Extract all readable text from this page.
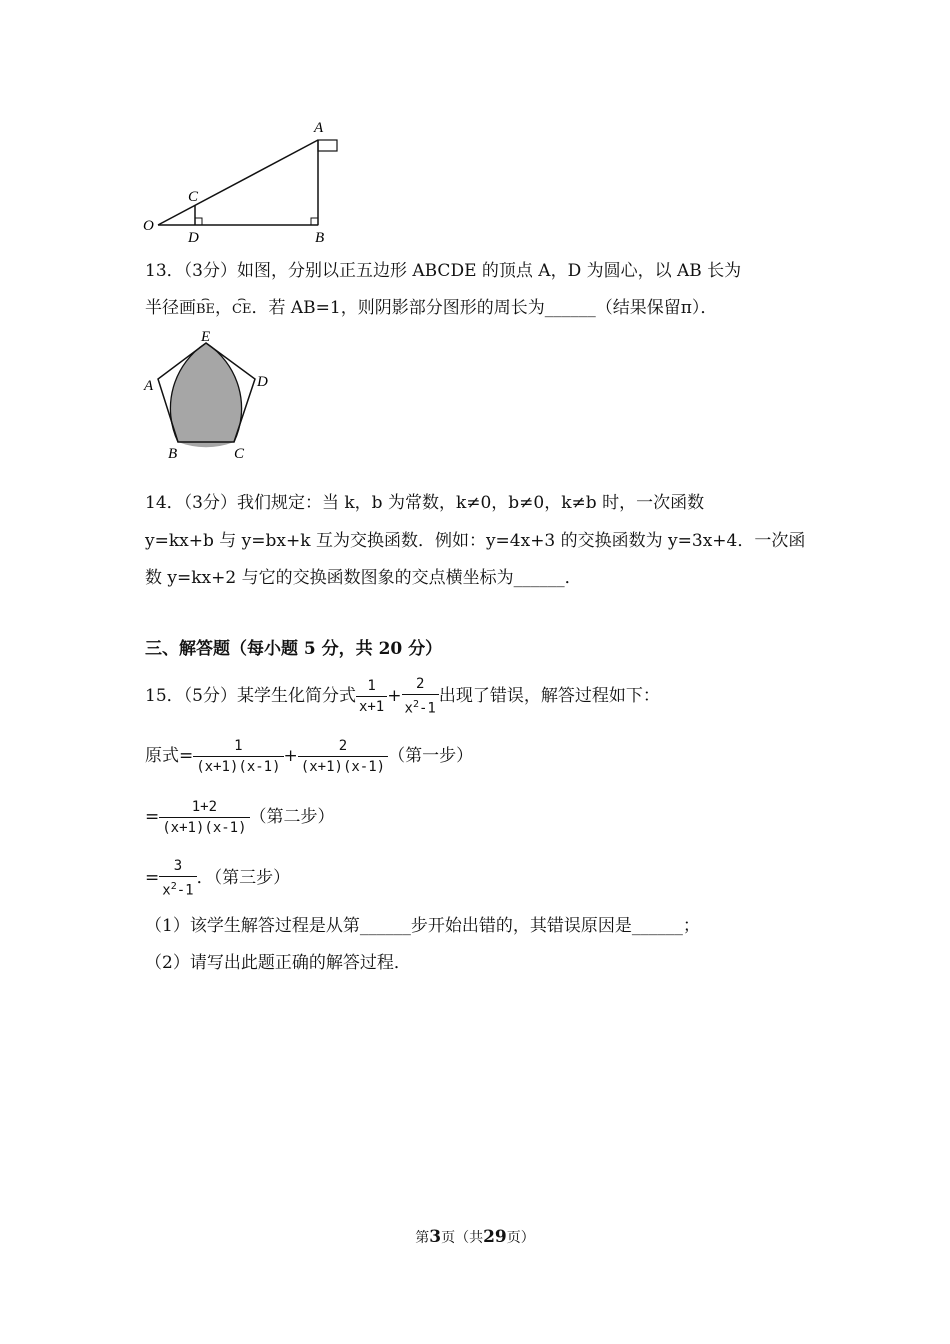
A
C
O
D	B
13．（3分）如图，分别以正五边形 ABCDE 的顶点 A，D 为圆心，以 AB 长为
半径画⌢ BE，⌢ CE．若 AB=1，则阴影部分图形的周长为______（结果保留π）．
E
A	D
B	C
14．（3分）我们规定：当 k，b 为常数，k≠0，b≠0，k≠b 时，一次函数
y=kx+b 与 y=bx+k 互为交换函数．例如：y=4x+3 的交换函数为 y=3x+4．一次函
数 y=kx+2 与它的交换函数图象的交点横坐标为______．
三、解答题（每小题 5 分，共 20 分）
15．（5分）某学生化简分式 $\frac{1}{x+1} + \frac{2}{x^2-1}$ 出现了错误，解答过程如下：
原式= $\frac{1}{(x+1)(x-1)} + \frac{2}{(x+1)(x-1)}$ （第一步）
= $\frac{1+2}{(x+1)(x-1)}$ （第二步）
= $\frac{3}{x^2-1}$ ．（第三步）
（1）该学生解答过程是从第______步开始出错的，其错误原因是______；
（2）请写出此题正确的解答过程．
第3页（共29页）
